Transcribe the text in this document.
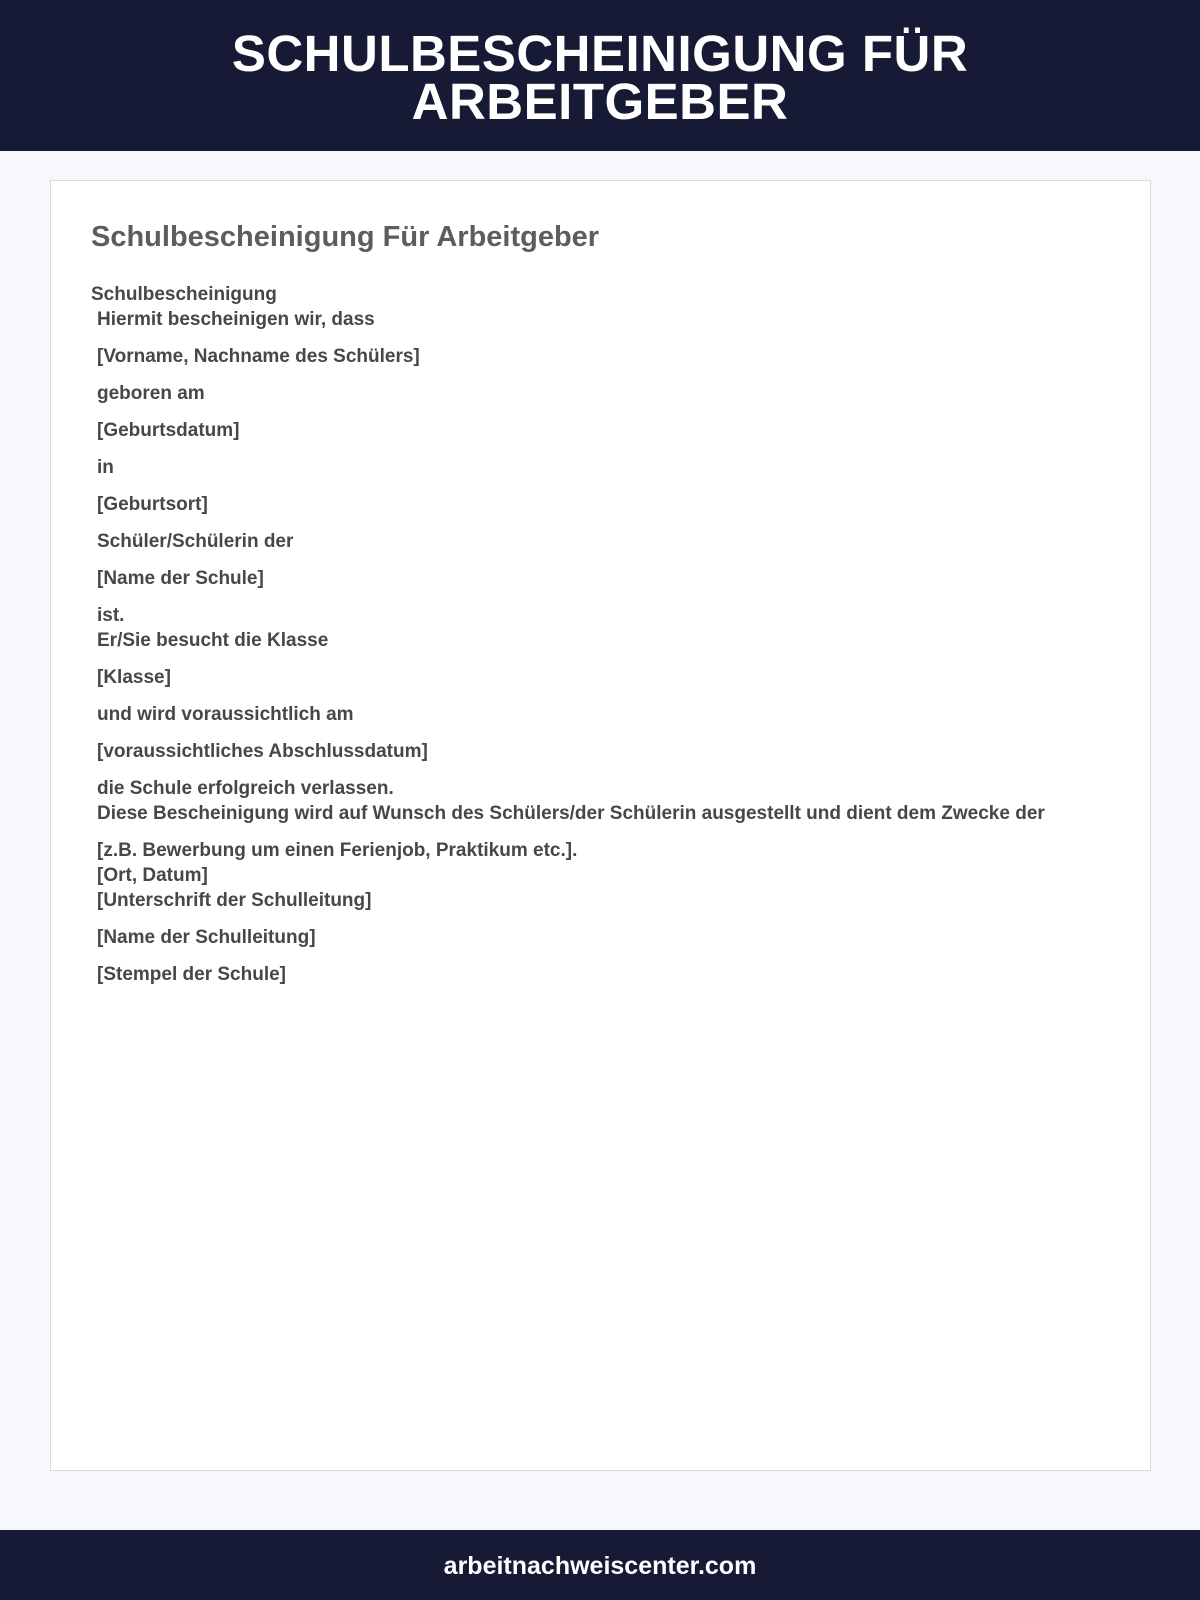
SCHULBESCHEINIGUNG FÜR ARBEITGEBER
Schulbescheinigung Für Arbeitgeber
Schulbescheinigung
Hiermit bescheinigen wir, dass
[Vorname, Nachname des Schülers]
geboren am
[Geburtsdatum]
in
[Geburtsort]
Schüler/Schülerin der
[Name der Schule]
ist.
Er/Sie besucht die Klasse
[Klasse]
und wird voraussichtlich am
[voraussichtliches Abschlussdatum]
die Schule erfolgreich verlassen.
Diese Bescheinigung wird auf Wunsch des Schülers/der Schülerin ausgestellt und dient dem Zwecke der
[z.B. Bewerbung um einen Ferienjob, Praktikum etc.].
[Ort, Datum]
[Unterschrift der Schulleitung]
[Name der Schulleitung]
[Stempel der Schule]
arbeitnachweiscenter.com
